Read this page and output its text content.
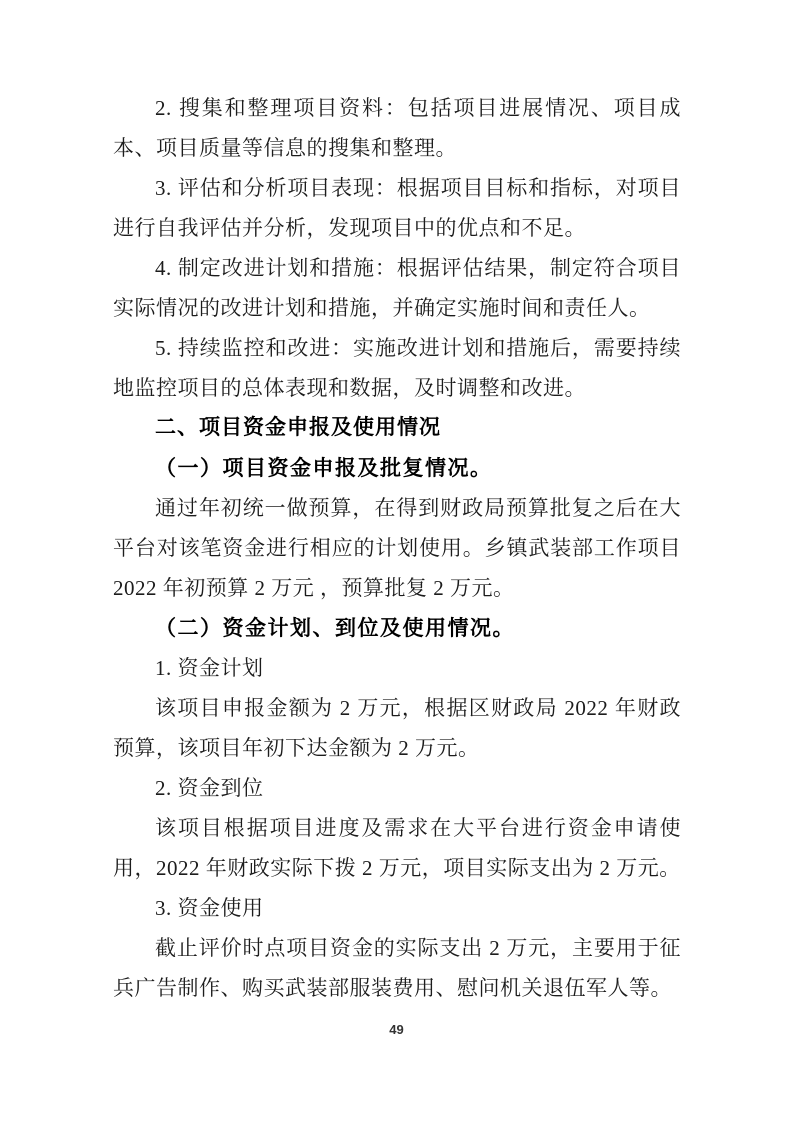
2. 搜集和整理项目资料：包括项目进展情况、项目成本、项目质量等信息的搜集和整理。

3. 评估和分析项目表现：根据项目目标和指标，对项目进行自我评估并分析，发现项目中的优点和不足。

4. 制定改进计划和措施：根据评估结果，制定符合项目实际情况的改进计划和措施，并确定实施时间和责任人。

5. 持续监控和改进：实施改进计划和措施后，需要持续地监控项目的总体表现和数据，及时调整和改进。

二、项目资金申报及使用情况

（一）项目资金申报及批复情况。

通过年初统一做预算，在得到财政局预算批复之后在大平台对该笔资金进行相应的计划使用。乡镇武装部工作项目 2022 年初预算 2 万元 ，预算批复 2 万元。

（二）资金计划、到位及使用情况。

1. 资金计划

该项目申报金额为 2 万元，根据区财政局 2022 年财政预算，该项目年初下达金额为 2 万元。

2. 资金到位

该项目根据项目进度及需求在大平台进行资金申请使用，2022 年财政实际下拨 2 万元，项目实际支出为 2 万元。

3. 资金使用

截止评价时点项目资金的实际支出 2 万元，主要用于征兵广告制作、购买武装部服装费用、慰问机关退伍军人等。

49
